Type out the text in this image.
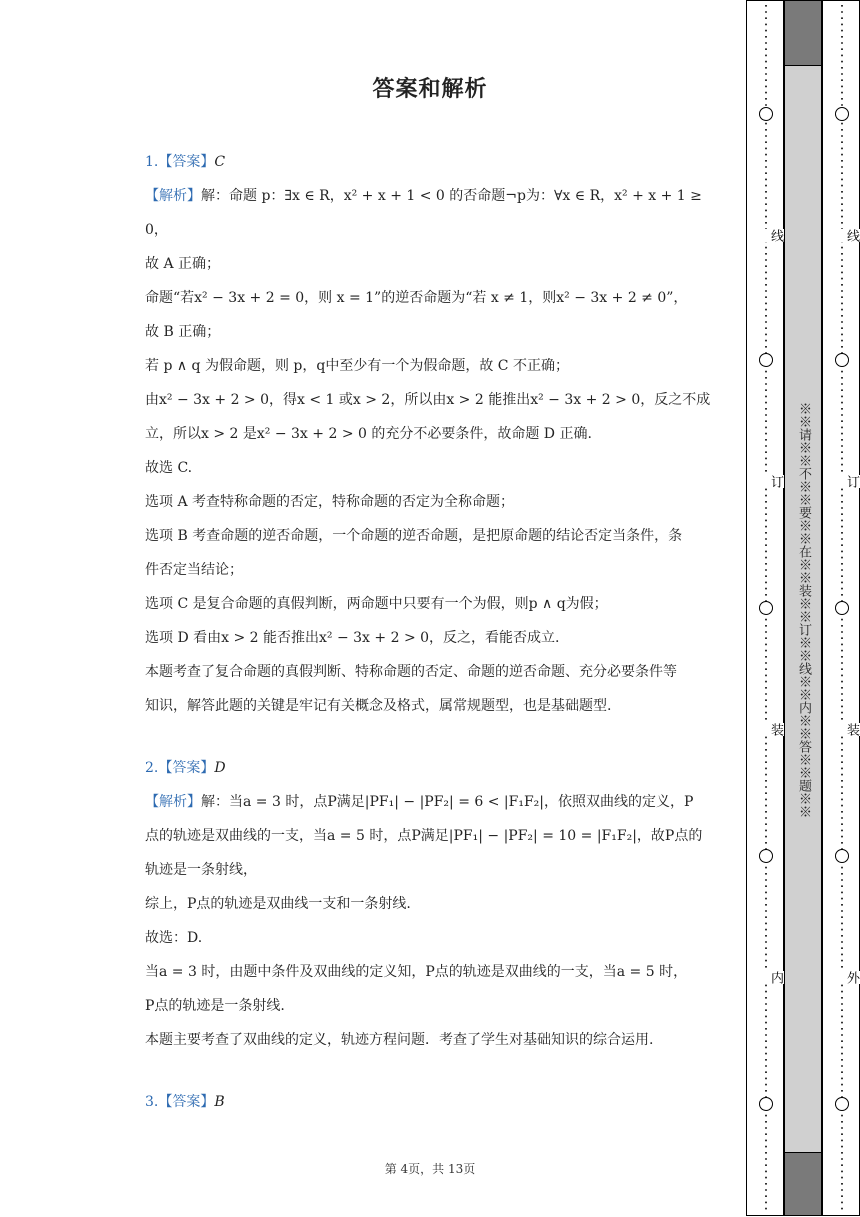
答案和解析

1.【答案】C

【解析】解：命题 p：∃x ∈ R，x² + x + 1 < 0 的否命题¬p为：∀x ∈ R，x² + x + 1 ≥ 0，

故 A 正确；

命题“若x² − 3x + 2 = 0，则 x = 1”的逆否命题为“若 x ≠ 1，则x² − 3x + 2 ≠ 0”，

故 B 正确；

若 p ∧ q 为假命题，则 p，q中至少有一个为假命题，故 C 不正确；

由x² − 3x + 2 > 0，得x < 1 或x > 2，所以由x > 2 能推出x² − 3x + 2 > 0，反之不成

立，所以x > 2 是x² − 3x + 2 > 0 的充分不必要条件，故命题 D 正确.

故选 C.

选项 A 考查特称命题的否定，特称命题的否定为全称命题；

选项 B 考查命题的逆否命题，一个命题的逆否命题，是把原命题的结论否定当条件，条

件否定当结论；

选项 C 是复合命题的真假判断，两命题中只要有一个为假，则p ∧ q为假；

选项 D 看由x > 2 能否推出x² − 3x + 2 > 0，反之，看能否成立.

本题考查了复合命题的真假判断、特称命题的否定、命题的逆否命题、充分必要条件等

知识，解答此题的关键是牢记有关概念及格式，属常规题型，也是基础题型.

2.【答案】D

【解析】解：当a = 3 时，点P满足|PF₁| − |PF₂| = 6 < |F₁F₂|，依照双曲线的定义，P

点的轨迹是双曲线的一支，当a = 5 时，点P满足|PF₁| − |PF₂| = 10 = |F₁F₂|，故P点的

轨迹是一条射线，

综上，P点的轨迹是双曲线一支和一条射线.

故选：D.

当a = 3 时，由题中条件及双曲线的定义知，P点的轨迹是双曲线的一支，当a = 5 时，

P点的轨迹是一条射线.

本题主要考查了双曲线的定义，轨迹方程问题．考查了学生对基础知识的综合运用.

3.【答案】B

第 4页，共 13页
线
订
装
内
※※请※※不※※要※※在※※装※※订※※线※※内※※答※※题※※
线
订
装
外
